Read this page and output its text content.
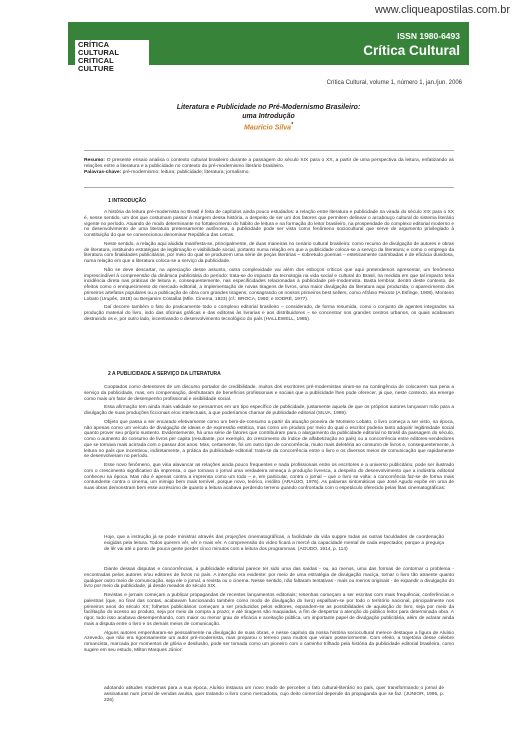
www.cliqueapostilas.com.br
CRÍTICA CULTURAL
CRITICAL CULTURE
ISSN 1980-6493
Crítica Cultural
Crítica Cultural, volume 1, número 1, jan./jun. 2006
Literatura e Publicidade no Pré-Modernismo Brasileiro:
uma Introdução
Maurício Silva*
Resumo: O presente ensaio analisa o contexto cultural brasileiro durante a passagem do século XIX para o XX, a partir de uma perspectiva da leitura, enfatizando as relações entre a literatura e a publicidade no contexto do pré-modernismo literário brasileiro.
Palavras-chave: pré-modernismo; leitura; publicidade; literatura; jornalismo.
1 INTRODUÇÃO

A história da leitura pré-modernista no Brasil é feita de capítulos ainda pouco estudados: a relação entre literatura e publicidade na virada do século XIX para o XX é, nesse sentido, um dos que costumam passar à margem dessa história, a despeito de ser um dos fatores que permitem delinear o arcabouço cultural do sistema literário vigente no período. Atuando de modo determinante no fortalecimento do hábito de leitura e na formação do leitor brasileiro, na prosperidade do complexo editorial moderno e no desenvolvimento de uma literatura pretensamente autônoma, a publicidade pode ser vista como fenômeno sociocultural que serve de argumento privilegiado à constituição do que se convencionou denominar República das Letras.

Neste sentido, a relação aqui aludida manifesta-se, principalmente, de duas maneiras no cenário cultural brasileiro: como recurso de divulgação de autores e obras de literatura, instituindo estratégias de legitimação e visibilidade social, portanto numa relação em que a publicidade coloca-se a serviço da literatura; e como o emprego da literatura com finalidades publicitárias, por meio do qual se produzem uma série de peças literárias – sobretudo poemas – esteticamente carimbadas e de eficácia duvidosa, numa relação em que a literatura coloca-se a serviço da publicidade.

Não se deve descartar, na apreciação desse assunto, outra complexidade vai além dos esboços críticos que aqui pretendemos apresentar, um fenômeno imprescindível à compreensão da dinâmica publicitária do período: trata-se do impacto da tecnologia na vida social e cultural do Brasil, na medida em que tal impacto teria incidência direta nas práticas de leitura e, consequentemente, nas especificidades relacionadas à publicidade pré-modernista. Basta lembrar, dentro deste contexto, de efeitos como o enriquecimento do mercado editorial, a implementação de novas tiragens de livros, uma maior divulgação da literatura aqui produzida, o aparecimento dos primeiros artefatos populares ou a publicação de obra com grandes tiragens, consagrando os nossos primeiros best sellers, como Afrânio Peixoto (A Esfinge, 1908), Monteiro Lobato (Urupês, 1918) ou Benjamim Costallat (Mlle. Cinema, 1923) (cf.: BROCA, 1960; e SODRÉ, 1977).

Daí decorre também o fato do praticamente todo o complexo editorial brasileiro – considerado, de forma resumida, como o conjunto de agentes integrados na produção material do livro, indo das oficinas gráficas e das editoras às livrarias e aos distribuidores – se concentrar nos grandes centros urbanos, os quais acabavam destruindo os e, por outro lado, incentivando o desenvolvimento tecnológico do país (HALLEWELL, 1985).

2 A PUBLICIDADE A SERVIÇO DA LITERATURA

Cooptados como detentores de um discurso portador de credibilidade, muitos dos escritores pré-modernistas viram-se na contingência de colocarem sua pena a serviço da publicidade, mas, em compensação, desfrutaram de benefícios profissionais e sociais que a publicidade lhes pode oferecer, já que, neste contexto, ela emerge como mais um fator de desempenho profissional e visibilidade social.

Essa afirmação tem ainda mais validade se pensarmos em um tipo específico de publicidade, justamente aquela de que os próprios autores lançavam mão para a divulgação de suas produções ficcionais e/ou intelectuais, a que poderíamos chamar de publicidade editorial (SILVA, 1999).

Objeto que passa a ser encarado efetivamente como um bem-de-consumo a partir da atuação pioneira de Monteiro Lobato, o livro começa a ser visto, na época, não apenas como um veículo de divulgação de ideias e de expressão estética, mas como um produto por meio do qual o escritor poderia tanto adquirir legitimidade social quanto prover seu próprio sustento. Evidentemente, há uma série de fatores que contribuíram para o alargamento da publicidade editorial no Brasil da passagem do século, como o aumento do consumo de livros per capita (resultante, por exemplo, do crescimento do índice de alfabetização no país) ou a concorrência entre editores-vendedores que se tornava mais acirrada com o passar dos anos. Mas, certamente, foi um outro tipo de concorrência, muito mais deletéria ao consumo de livros e, consequentemente, à leitura no país que incentivou, indiretamente, a prática da publicidade editorial: trata-se da concorrência entre o livro e os diversos meios de comunicação que rapidamente se desenvolveram no período.

Esse novo fenômeno, que viria alavancar as relações ainda pouco frequentes e nada profissionais entre os escritores e a universo publicitário, pode ser ilustrado com o crescimento significativo da imprensa, o que tornava o jornal uma verdadeira ameaça à produção livresca, a despeito do desenvolvimento que a indústria editorial conheceu na época. Mas não é apenas contra a imprensa como um todo – e, em particular, contra o jornal – que o livro se volta: a concorrência faz-se de forma mais contundente contra o cinema, um inimigo bem mais temível, porque novo, teórico, insólito (ARAÚJO, 1976). As palavras sintomáticas que José Agudo expõe em uma de suas obras demonstram bem esse acréscimo de quanto a leitura acabava perdendo terreno quando confrontada com o espetáculo oferecido pelas fitas cinematográficas:

Hoje, que a instrução já se pode ministrar através das projeções cinematográficas, a facilidade da vida suppre todas as outras faculdades de coordenação exigidas pela leitura. Todos querem vêr, vêr e mais vêr. A compreensão do vídeo ficará a mercê da capacidade mental de cada espectador, porque a preguiça de lêr vai até o ponto de pouca gente perder cinco minutos com a leitura dos programmas. (AGUDO, 1914, p. 114)

Diante dessas disputas e concorrências, a publicidade editorial parece ter sido uma das saídas - ou, ao menos, uma das formas de contornar o problema - encontradas pelos autores e/ou editores de livros no país. A intenção era evidente: por meio de uma estratégia de divulgação maciça, tornar o livro tão atraente quanto qualquer outro meio de comunicação, seja ele o jornal, a revista ou o cinema. Nesse sentido, não faltaram tentativas - mais ou menos originais - de expandir a divulgação do livro por meio da publicidade, já desde meados do século XIX.

Revistas e jornais começam a publicar propagandas de recentes lançamentos editoriais; resenhas começam a ser escritas com mais frequência; conferências e palestras (que, no final das contas, acabavam funcionando também como modo de divulgação do livro) espalham-se por todo o território nacional, principalmente nos primeiros anos do século XX; folhetos publicitários começam a ser produzidos pelos editores, expandem-se as possibilidades de aquisição do livro, seja por meio da facilitação do acesso ao produto, seja por meio da compra a prazo; e até tiragens são maquiadas, a fim de despertar a atenção do público leitor para determinada obra. A rigor, tudo isso acabava desempenhando, com maior ou menor grau de eficácia e aceitação pública, um importante papel de divulgação publicitária, além de aclarar ainda mais a disputa entre o livro e os demais meios de comunicação.

Alguns autores empenharam-se pessoalmente na divulgação de suas obras, e nesse capítulo da nossa história sociocultural merece destaque a figura de Aluísio Azevedo, que não era rigorosamente um autor pré-modernista, mas preparou o terreno para muitos que viriam posteriormente. Com efeito, a trajetória desse célebre romancista, marcada por momentos de glória e desilusão, pode ser tomada como um pioneiro com o caminho trilhado pela história da publicidade editorial brasileira, como sugere em seu estudo, Milton Marques Júnior:

adotando atitudes modernas para a sua época, Aluísio instaura um novo modo de perceber o fato cultural-literário no país, quer transformando o jornal de assinaturas num jornal de vendas avulsa, quer tratando o livro como mercadoria, cujo deito comercial depende da propaganda que se faz. (JUNIOR, 1995, p. 226)
